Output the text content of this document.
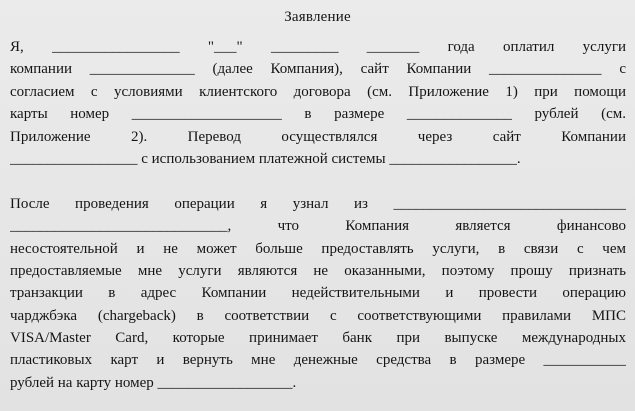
Заявление
Я, _________________ "___" _________ _______ года оплатил услуги
компании ______________ (далее Компания), сайт Компании _______________ с
согласием с условиями клиентского договора (см. Приложение 1) при помощи
карты номер ____________________ в размере ______________ рублей (см.
Приложение 2). Перевод осуществлялся через сайт Компании
_________________ с использованием платежной системы _________________.
После проведения операции я узнал из _______________________________
_____________________________, что Компания является финансово
несостоятельной и не может больше предоставлять услуги, в связи с чем
предоставляемые мне услуги являются не оказанными, поэтому прошу признать
транзакции в адрес Компании недействительными и провести операцию
чарджбэка (chargeback) в соответствии с соответствующими правилами МПС
VISA/Master Card, которые принимает банк при выпуске международных
пластиковых карт и вернуть мне денежные средства в размере ___________
рублей на карту номер __________________.
